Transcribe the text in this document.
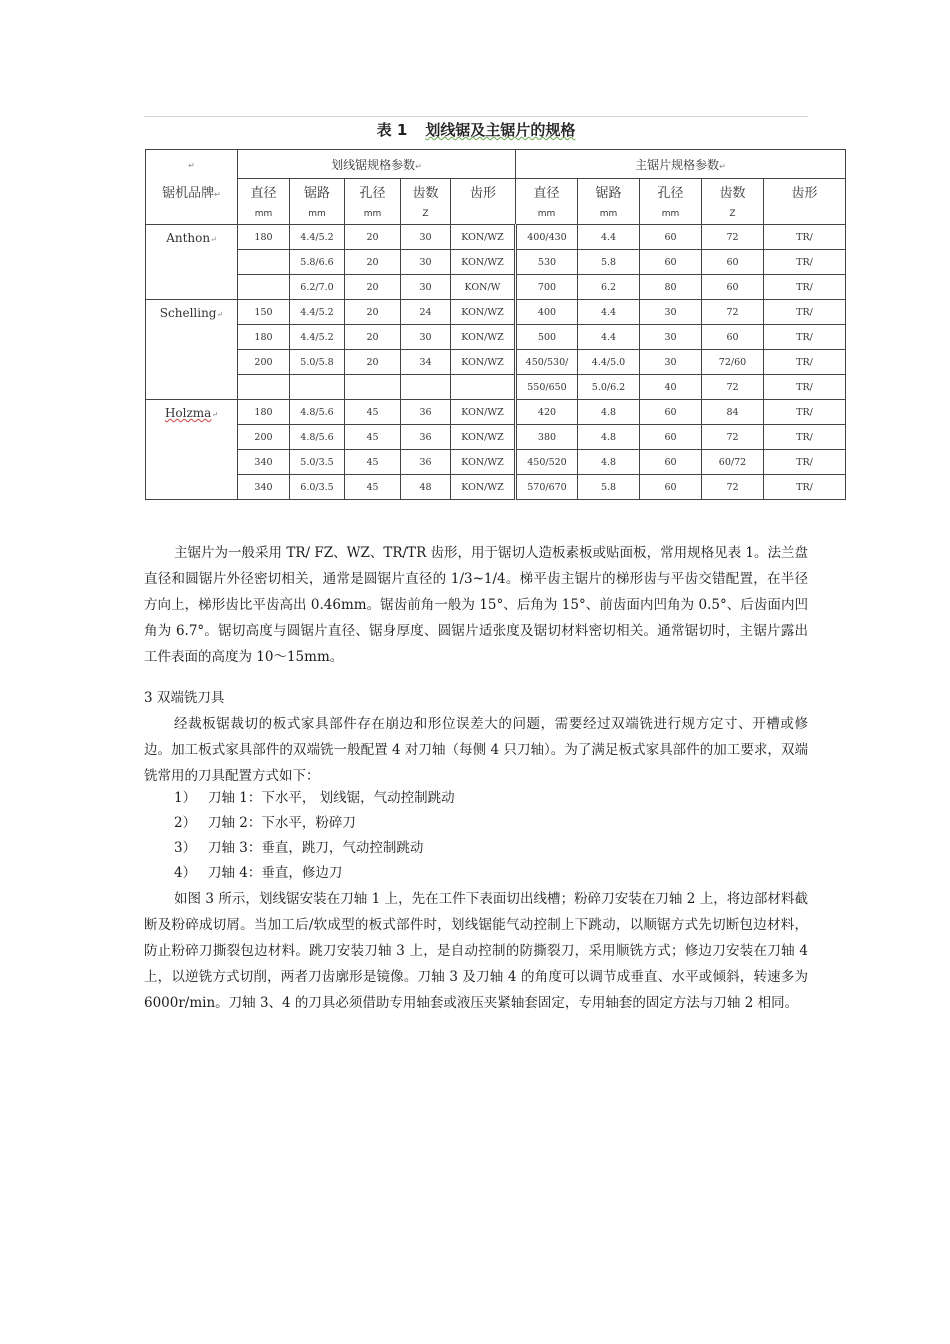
表 1 划线锯及主锯片的规格
↵	划线锯规格参数↵					主锯片规格参数↵				
锯机品牌↵	直径	锯路	孔径	齿数	齿形	直径	锯路	孔径	齿数	齿形
	mm	mm	mm	Z		mm	mm	mm	Z	
Anthon↵	180	4.4/5.2	20	30	KON/WZ	400/430	4.4	60	72	TR/
		5.8/6.6	20	30	KON/WZ	530	5.8	60	60	TR/
		6.2/7.0	20	30	KON/W	700	6.2	80	60	TR/
Schelling↵	150	4.4/5.2	20	24	KON/WZ	400	4.4	30	72	TR/
	180	4.4/5.2	20	30	KON/WZ	500	4.4	30	60	TR/
	200	5.0/5.8	20	34	KON/WZ	450/530/	4.4/5.0	30	72/60	TR/
						550/650	5.0/6.2	40	72	TR/
Holzma↵	180	4.8/5.6	45	36	KON/WZ	420	4.8	60	84	TR/
	200	4.8/5.6	45	36	KON/WZ	380	4.8	60	72	TR/
	340	5.0/3.5	45	36	KON/WZ	450/520	4.8	60	60/72	TR/
	340	6.0/3.5	45	48	KON/WZ	570/670	5.8	60	72	TR/

主锯片为一般采用 TR/ FZ、WZ、TR/TR 齿形，用于锯切人造板素板或贴面板，常用规格见表 1。法兰盘直径和圆锯片外径密切相关，通常是圆锯片直径的 1/3~1/4。梯平齿主锯片的梯形齿与平齿交错配置，在半径方向上，梯形齿比平齿高出 0.46mm。锯齿前角一般为 15°、后角为 15°、前齿面内凹角为 0.5°、后齿面内凹角为 6.7°。锯切高度与圆锯片直径、锯身厚度、圆锯片适张度及锯切材料密切相关。通常锯切时，主锯片露出工件表面的高度为 10～15mm。

3 双端铣刀具

经裁板锯裁切的板式家具部件存在崩边和形位误差大的问题，需要经过双端铣进行规方定寸、开槽或修边。加工板式家具部件的双端铣一般配置 4 对刀轴（每侧 4 只刀轴）。为了满足板式家具部件的加工要求，双端铣常用的刀具配置方式如下：

1） 刀轴 1：下水平， 划线锯，气动控制跳动
2） 刀轴 2：下水平，粉碎刀
3） 刀轴 3：垂直，跳刀，气动控制跳动
4） 刀轴 4：垂直，修边刀

如图 3 所示，划线锯安装在刀轴 1 上，先在工件下表面切出线槽；粉碎刀安装在刀轴 2 上，将边部材料截断及粉碎成切屑。当加工后/软成型的板式部件时，划线锯能气动控制上下跳动，以顺锯方式先切断包边材料，防止粉碎刀撕裂包边材料。跳刀安装刀轴 3 上，是自动控制的防撕裂刀，采用顺铣方式；修边刀安装在刀轴 4 上，以逆铣方式切削，两者刀齿廓形是镜像。刀轴 3 及刀轴 4 的角度可以调节成垂直、水平或倾斜，转速多为 6000r/min。刀轴 3、4 的刀具必须借助专用轴套或液压夹紧轴套固定，专用轴套的固定方法与刀轴 2 相同。
